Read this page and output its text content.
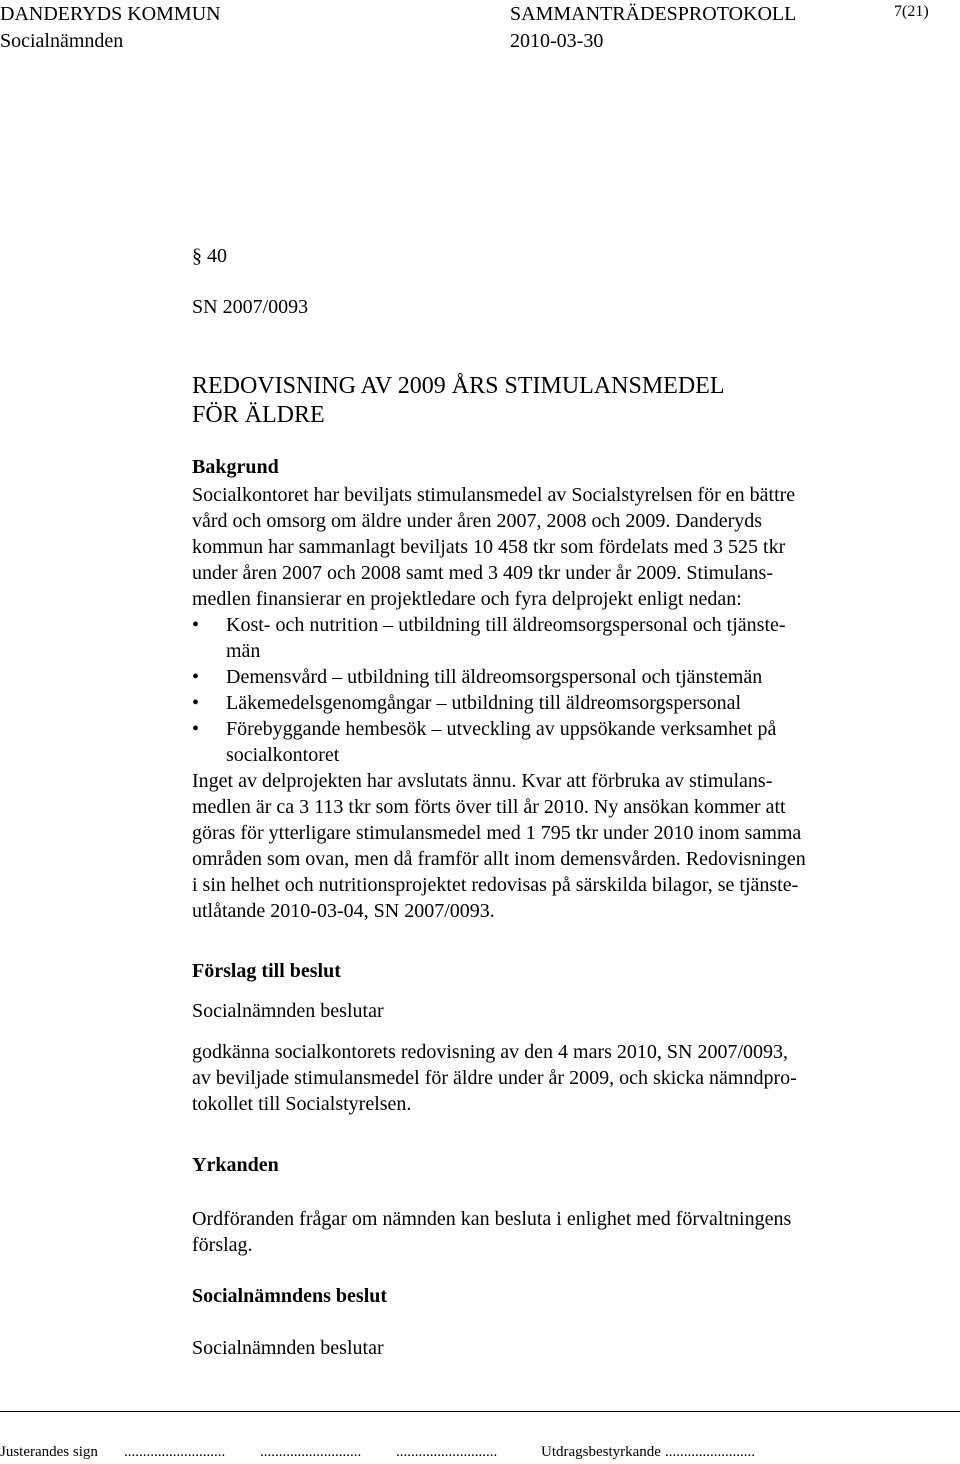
DANDERYDS KOMMUN	SAMMANTRÄDESPROTOKOLL	7(21)
Socialnämnden	2010-03-30
§ 40
SN 2007/0093
REDOVISNING AV 2009 ÅRS STIMULANSMEDEL
FÖR ÄLDRE
Bakgrund
Socialkontoret har beviljats stimulansmedel av Socialstyrelsen för en bättre
vård och omsorg om äldre under åren 2007, 2008 och 2009. Danderyds
kommun har sammanlagt beviljats 10 458 tkr som fördelats med 3 525 tkr
under åren 2007 och 2008 samt med 3 409 tkr under år 2009. Stimulans-
medlen finansierar en projektledare och fyra delprojekt enligt nedan:
• Kost- och nutrition – utbildning till äldreomsorgspersonal och tjänste-
män
• Demensvård – utbildning till äldreomsorgspersonal och tjänstemän
• Läkemedelsgenomgångar – utbildning till äldreomsorgspersonal
• Förebyggande hembesök – utveckling av uppsökande verksamhet på
socialkontoret
Inget av delprojekten har avslutats ännu. Kvar att förbruka av stimulans-
medlen är ca 3 113 tkr som förts över till år 2010. Ny ansökan kommer att
göras för ytterligare stimulansmedel med 1 795 tkr under 2010 inom samma
områden som ovan, men då framför allt inom demensvården. Redovisningen
i sin helhet och nutritionsprojektet redovisas på särskilda bilagor, se tjänste-
utlåtande 2010-03-04, SN 2007/0093.
Förslag till beslut
Socialnämnden beslutar
godkänna socialkontorets redovisning av den 4 mars 2010, SN 2007/0093,
av beviljade stimulansmedel för äldre under år 2009, och skicka nämndpro-
tokollet till Socialstyrelsen.
Yrkanden
Ordföranden frågar om nämnden kan besluta i enlighet med förvaltningens
förslag.
Socialnämndens beslut
Socialnämnden beslutar
Justerandes sign ........................... ........................... ...........................	Utdragsbestyrkande ........................
